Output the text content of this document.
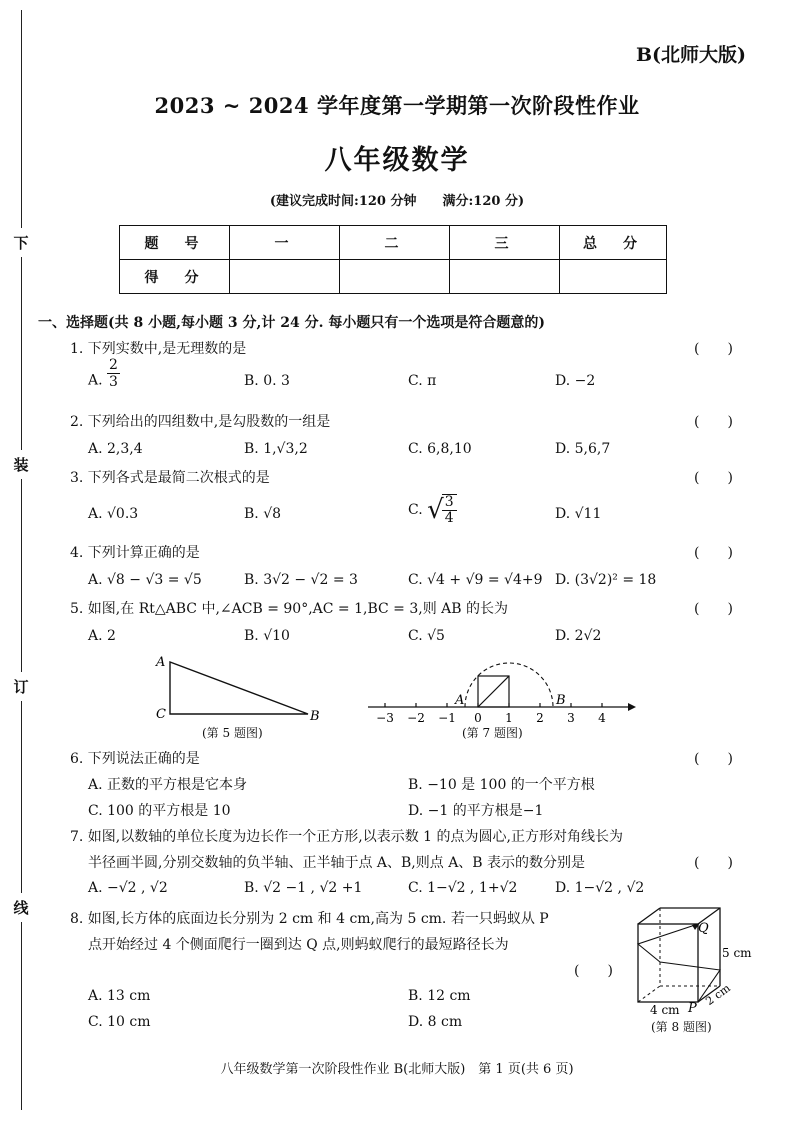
下
装
订
线
B(北师大版)
2023 ~ 2024 学年度第一学期第一次阶段性作业
八年级数学
(建议完成时间:120 分钟　　满分:120 分)
题　号	一	二	三	总　分
得　分				
一、选择题(共 8 小题,每小题 3 分,计 24 分. 每小题只有一个选项是符合题意的)
1. 下列实数中,是无理数的是	(　　)
A. $\frac{2}{3}$	B. 0. 3	C. π	D. −2
2. 下列给出的四组数中,是勾股数的一组是	(　　)
A. 2,3,4	B. 1,√3,2	C. 6,8,10	D. 5,6,7
3. 下列各式是最简二次根式的是	(　　)
A. √0.3	B. √8	C. √
$\frac{3}{4}$	D. √11
4. 下列计算正确的是	(　　)
A. √8 − √3 = √5	B. 3√2 − √2 = 3	C. √4 + √9 = √4+9 D. (3√2)² = 18
5. 如图,在 Rt△ABC 中,∠ACB = 90°,AC = 1,BC = 3,则 AB 的长为	(　　)
A. 2	B. √10	C. √5	D. 2√2
A
C	B
(第 5 题图)
−3 −2 −1 0 1 2 3 4
A	B
(第 7 题图)
6. 下列说法正确的是	(　　)
A. 正数的平方根是它本身	B. −10 是 100 的一个平方根
C. 100 的平方根是 10	D. −1 的平方根是−1
7. 如图,以数轴的单位长度为边长作一个正方形,以表示数 1 的点为圆心,正方形对角线长为
半径画半圆,分别交数轴的负半轴、正半轴于点 A、B,则点 A、B 表示的数分别是	(　　)
A. −√2 , √2	B. √2 −1 , √2 +1	C. 1−√2 , 1+√2	D. 1−√2 , √2
8. 如图,长方体的底面边长分别为 2 cm 和 4 cm,高为 5 cm. 若一只蚂蚁从 P
点开始经过 4 个侧面爬行一圈到达 Q 点,则蚂蚁爬行的最短路径长为
(　　)
A. 13 cm	B. 12 cm
C. 10 cm	D. 8 cm
P
Q
5 cm
4 cm
2 cm
(第 8 题图)
八年级数学第一次阶段性作业 B(北师大版)　第 1 页(共 6 页)
